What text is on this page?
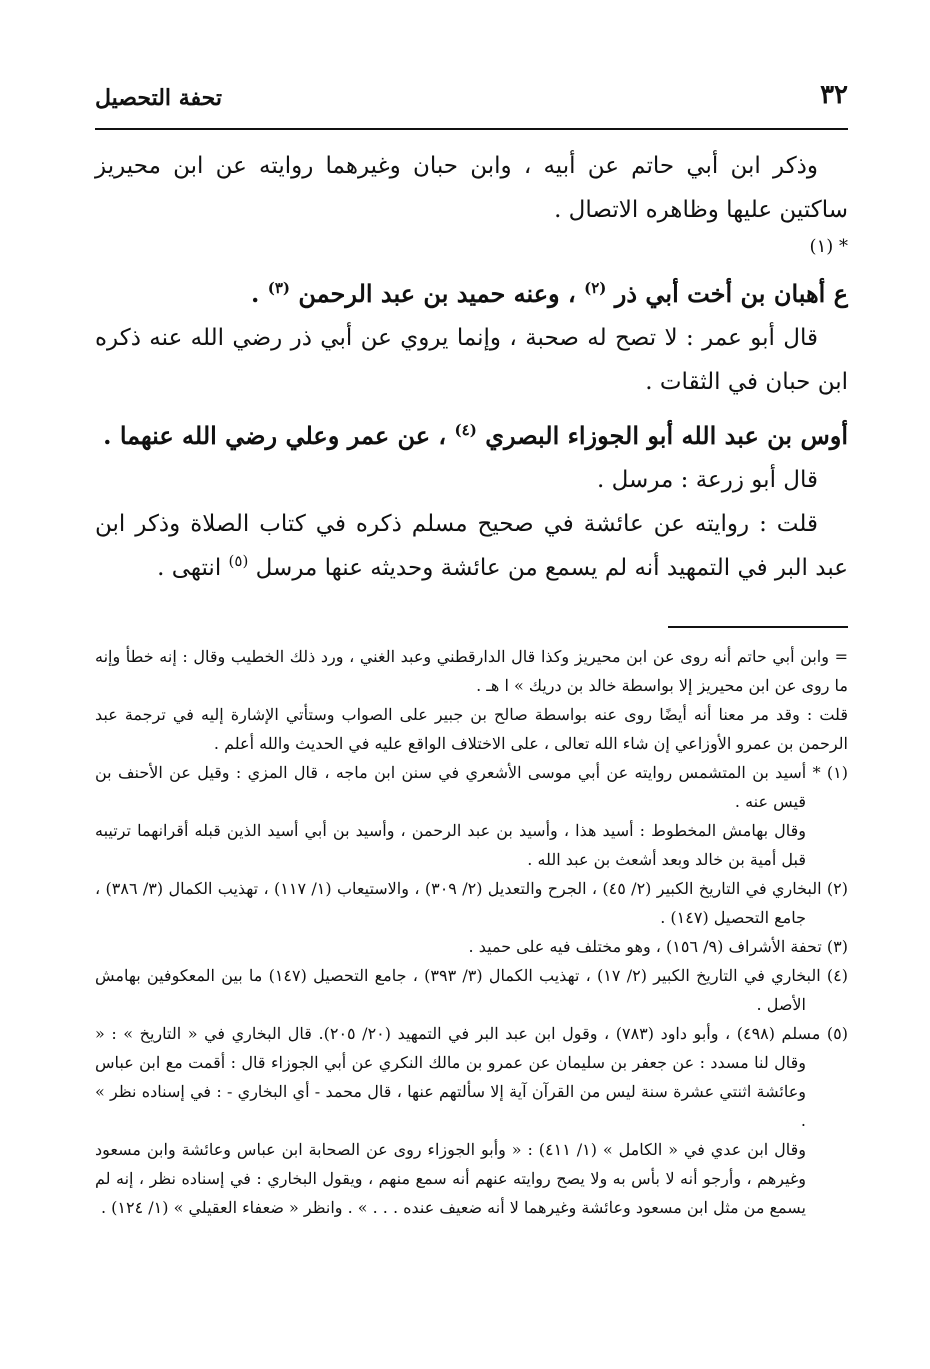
٣٢
تحفة التحصيل

وذكر ابن أبي حاتم عن أبيه ، وابن حبان وغيرهما روايته عن ابن محيريز ساكتين عليها وظاهره الاتصال .

* (١)

ع أهبان بن أخت أبي ذر $^{(٢)}$ ، وعنه حميد بن عبد الرحمن $^{(٣)}$ .

قال أبو عمر : لا تصح له صحبة ، وإنما يروي عن أبي ذر رضي الله عنه ذكره ابن حبان في الثقات .

أوس بن عبد الله أبو الجوزاء البصري $^{(٤)}$ ، عن عمر وعلي رضي الله عنهما .

قال أبو زرعة : مرسل .

قلت : روايته عن عائشة في صحيح مسلم ذكره في كتاب الصلاة وذكر ابن عبد البر في التمهيد أنه لم يسمع من عائشة وحديثه عنها مرسل $^{(٥)}$ انتهى .

= وابن أبي حاتم أنه روى عن ابن محيريز وكذا قال الدارقطني وعبد الغني ، ورد ذلك الخطيب وقال : إنه خطأ وإنه ما روى عن ابن محيريز إلا بواسطة خالد بن دريك » ا هـ .

قلت : وقد مر معنا أنه أيضًا روى عنه بواسطة صالح بن جبير على الصواب وستأتي الإشارة إليه في ترجمة عبد الرحمن بن عمرو الأوزاعي إن شاء الله تعالى ، على الاختلاف الواقع عليه في الحديث والله أعلم .

(١) * أسيد بن المتشمس روايته عن أبي موسى الأشعري في سنن ابن ماجه ، قال المزي : وقيل عن الأحنف بن قيس عنه .

وقال بهامش المخطوط : أسيد هذا ، وأسيد بن عبد الرحمن ، وأسيد بن أبي أسيد الذين قبله أقرانهما ترتيبه قبل أمية بن خالد وبعد أشعث بن عبد الله .

(٢) البخاري في التاريخ الكبير (٢/ ٤٥) ، الجرح والتعديل (٢/ ٣٠٩) ، والاستيعاب (١/ ١١٧) ، تهذيب الكمال (٣/ ٣٨٦) ، جامع التحصيل (١٤٧) .

(٣) تحفة الأشراف (٩/ ١٥٦) ، وهو مختلف فيه على حميد .

(٤) البخاري في التاريخ الكبير (٢/ ١٧) ، تهذيب الكمال (٣/ ٣٩٣) ، جامع التحصيل (١٤٧) ما بين المعكوفين بهامش الأصل .

(٥) مسلم (٤٩٨) ، وأبو داود (٧٨٣) ، وقول ابن عبد البر في التمهيد (٢٠/ ٢٠٥). قال البخاري في « التاريخ » : « وقال لنا مسدد : عن جعفر بن سليمان عن عمرو بن مالك النكري عن أبي الجوزاء قال : أقمت مع ابن عباس وعائشة اثنتي عشرة سنة ليس من القرآن آية إلا سألتهم عنها ، قال محمد - أي البخاري - : في إسناده نظر » .

وقال ابن عدي في « الكامل » (١/ ٤١١) : « وأبو الجوزاء روى عن الصحابة ابن عباس وعائشة وابن مسعود وغيرهم ، وأرجو أنه لا بأس به ولا يصح روايته عنهم أنه سمع منهم ، ويقول البخاري : في إسناده نظر ، إنه لم يسمع من مثل ابن مسعود وعائشة وغيرهما لا أنه ضعيف عنده . . . » . وانظر « ضعفاء العقيلي » (١/ ١٢٤) .
